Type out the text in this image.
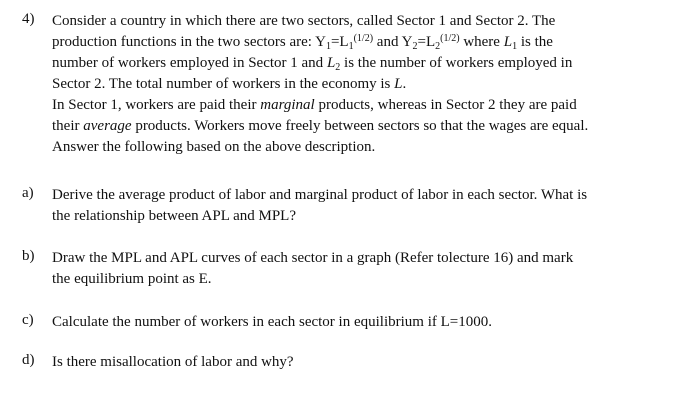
4)	Consider a country in which there are two sectors, called Sector 1 and Sector 2. The
production functions in the two sectors are: $Y_1=L_1^{(1/2)}$ and $Y_2=L_2^{(1/2)}$ where $L_1$ is the
number of workers employed in Sector 1 and $L_2$ is the number of workers employed in
Sector 2. The total number of workers in the economy is L.
In Sector 1, workers are paid their marginal products, whereas in Sector 2 they are paid
their average products. Workers move freely between sectors so that the wages are equal.
Answer the following based on the above description.
a)	Derive the average product of labor and marginal product of labor in each sector. What is
the relationship between APL and MPL?
b)	Draw the MPL and APL curves of each sector in a graph (Refer tolecture 16) and mark
the equilibrium point as E.
c)	Calculate the number of workers in each sector in equilibrium if L=1000.
d)	Is there misallocation of labor and why?
